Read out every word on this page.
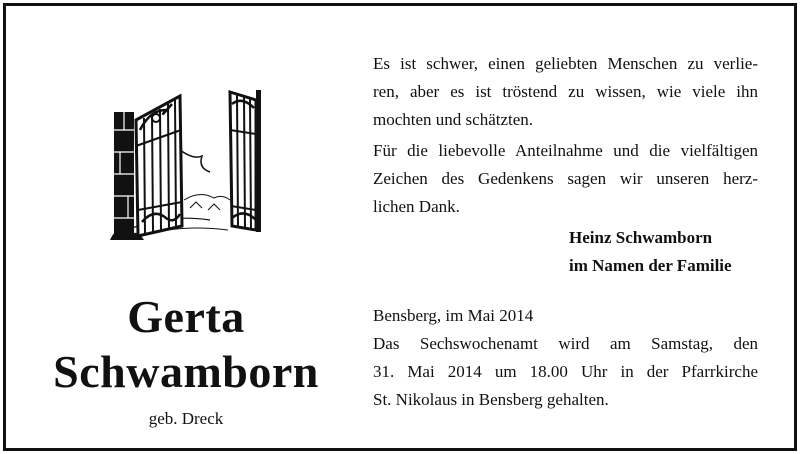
Gerta
Schwamborn
geb. Dreck
Es ist schwer, einen geliebten Menschen zu verlie-
ren, aber es ist tröstend zu wissen, wie viele ihn
mochten und schätzten.
Für die liebevolle Anteilnahme und die vielfältigen
Zeichen des Gedenkens sagen wir unseren herz-
lichen Dank.
Heinz Schwamborn
im Namen der Familie
Bensberg, im Mai 2014
Das Sechswochenamt wird am Samstag, den
31. Mai 2014 um 18.00 Uhr in der Pfarrkirche
St. Nikolaus in Bensberg gehalten.
